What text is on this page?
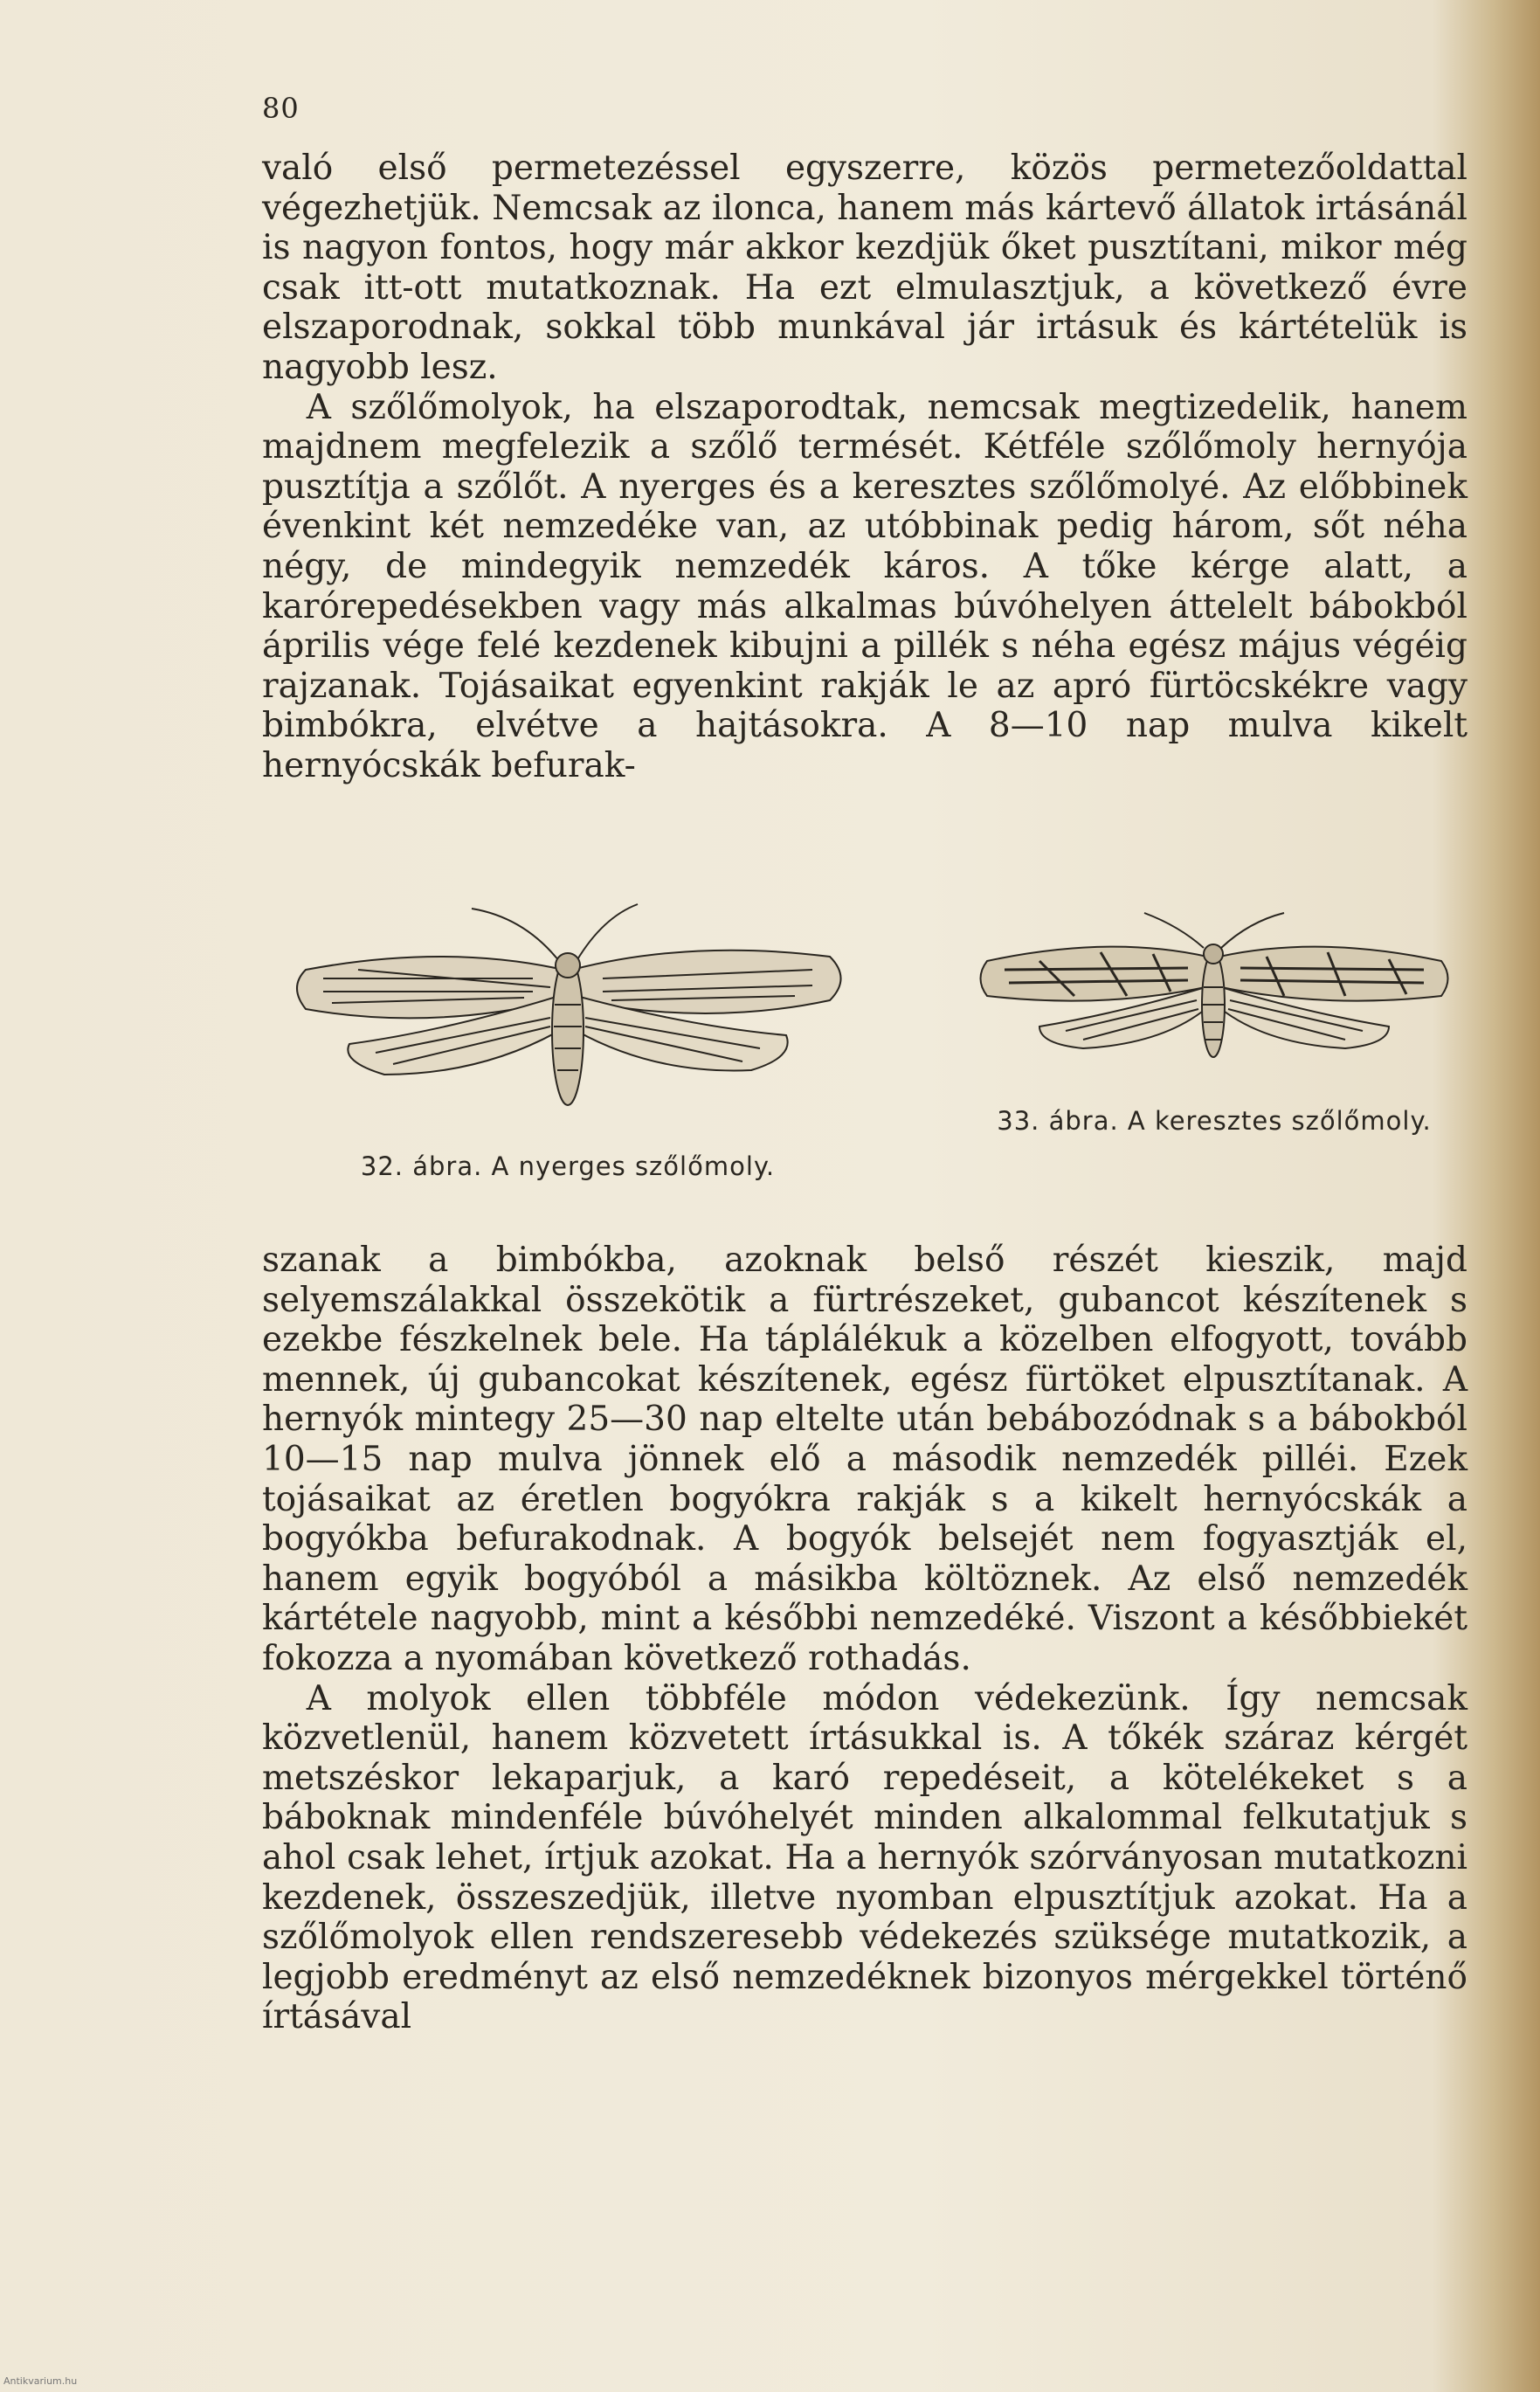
80

való első permetezéssel egyszerre, közös permetezőoldattal végezhetjük. Nemcsak az ilonca, hanem más kártevő állatok irtásánál is nagyon fontos, hogy már akkor kezdjük őket pusztítani, mikor még csak itt-ott mutatkoznak. Ha ezt elmulasztjuk, a következő évre elszaporodnak, sokkal több munkával jár irtásuk és kártételük is nagyobb lesz.

A szőlőmolyok, ha elszaporodtak, nemcsak megtizedelik, hanem majdnem megfelezik a szőlő termését. Kétféle szőlőmoly hernyója pusztítja a szőlőt. A nyerges és a keresztes szőlőmolyé. Az előbbinek évenkint két nemzedéke van, az utóbbinak pedig három, sőt néha négy, de mindegyik nemzedék káros. A tőke kérge alatt, a karórepedésekben vagy más alkalmas búvóhelyen áttelelt bábokból április vége felé kezdenek kibujni a pillék s néha egész május végéig rajzanak. Tojásaikat egyenkint rakják le az apró fürtöcskékre vagy bimbókra, elvétve a hajtásokra. A 8—10 nap mulva kikelt hernyócskák befurak-

32. ábra. A nyerges szőlőmoly.
33. ábra. A keresztes szőlőmoly.

szanak a bimbókba, azoknak belső részét kieszik, majd selyemszálakkal összekötik a fürtrészeket, gubancot készítenek s ezekbe fészkelnek bele. Ha táplálékuk a közelben elfogyott, tovább mennek, új gubancokat készítenek, egész fürtöket elpusztítanak. A hernyók mintegy 25—30 nap eltelte után bebábozódnak s a bábokból 10—15 nap mulva jönnek elő a második nemzedék pilléi. Ezek tojásaikat az éretlen bogyókra rakják s a kikelt hernyócskák a bogyókba befurakodnak. A bogyók belsejét nem fogyasztják el, hanem egyik bogyóból a másikba költöznek. Az első nemzedék kártétele nagyobb, mint a későbbi nemzedéké. Viszont a későbbiekét fokozza a nyomában következő rothadás.

A molyok ellen többféle módon védekezünk. Így nemcsak közvetlenül, hanem közvetett írtásukkal is. A tőkék száraz kérgét metszéskor lekaparjuk, a karó repedéseit, a kötelékeket s a báboknak mindenféle búvóhelyét minden alkalommal felkutatjuk s ahol csak lehet, írtjuk azokat. Ha a hernyók szórványosan mutatkozni kezdenek, összeszedjük, illetve nyomban elpusztítjuk azokat. Ha a szőlőmolyok ellen rendszeresebb védekezés szüksége mutatkozik, a legjobb eredményt az első nemzedéknek bizonyos mérgekkel történő írtásával

Antikvarium.hu
